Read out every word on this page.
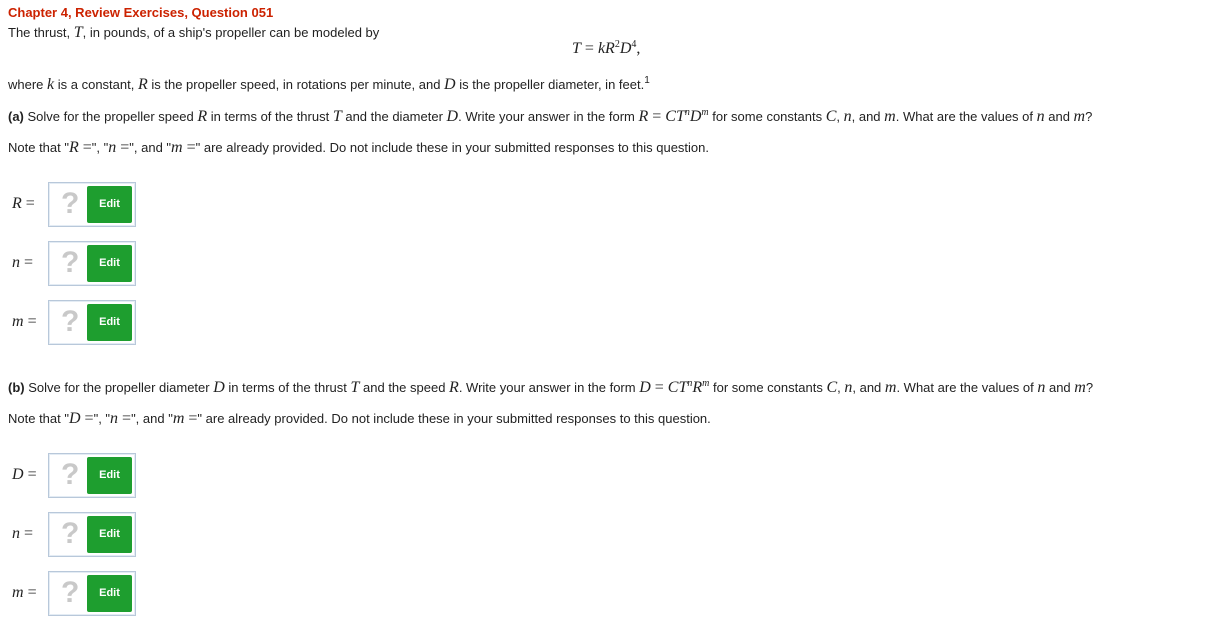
Chapter 4, Review Exercises, Question 051
The thrust, T, in pounds, of a ship's propeller can be modeled by
$T = kR^2D^4$,
where k is a constant, R is the propeller speed, in rotations per minute, and D is the propeller diameter, in feet.$^1$
(a) Solve for the propeller speed R in terms of the thrust T and the diameter D. Write your answer in the form $R = CT^nD^m$ for some constants C, n, and m. What are the values of n and m?
Note that "R =", "n =", and "m =" are already provided. Do not include these in your submitted responses to this question.
R = ?	Edit
n = ?	Edit
m = ?	Edit
(b) Solve for the propeller diameter D in terms of the thrust T and the speed R. Write your answer in the form $D = CT^nR^m$ for some constants C, n, and m. What are the values of n and m?
Note that "D =", "n =", and "m =" are already provided. Do not include these in your submitted responses to this question.
D = ?	Edit
n = ?	Edit
m = ?	Edit
